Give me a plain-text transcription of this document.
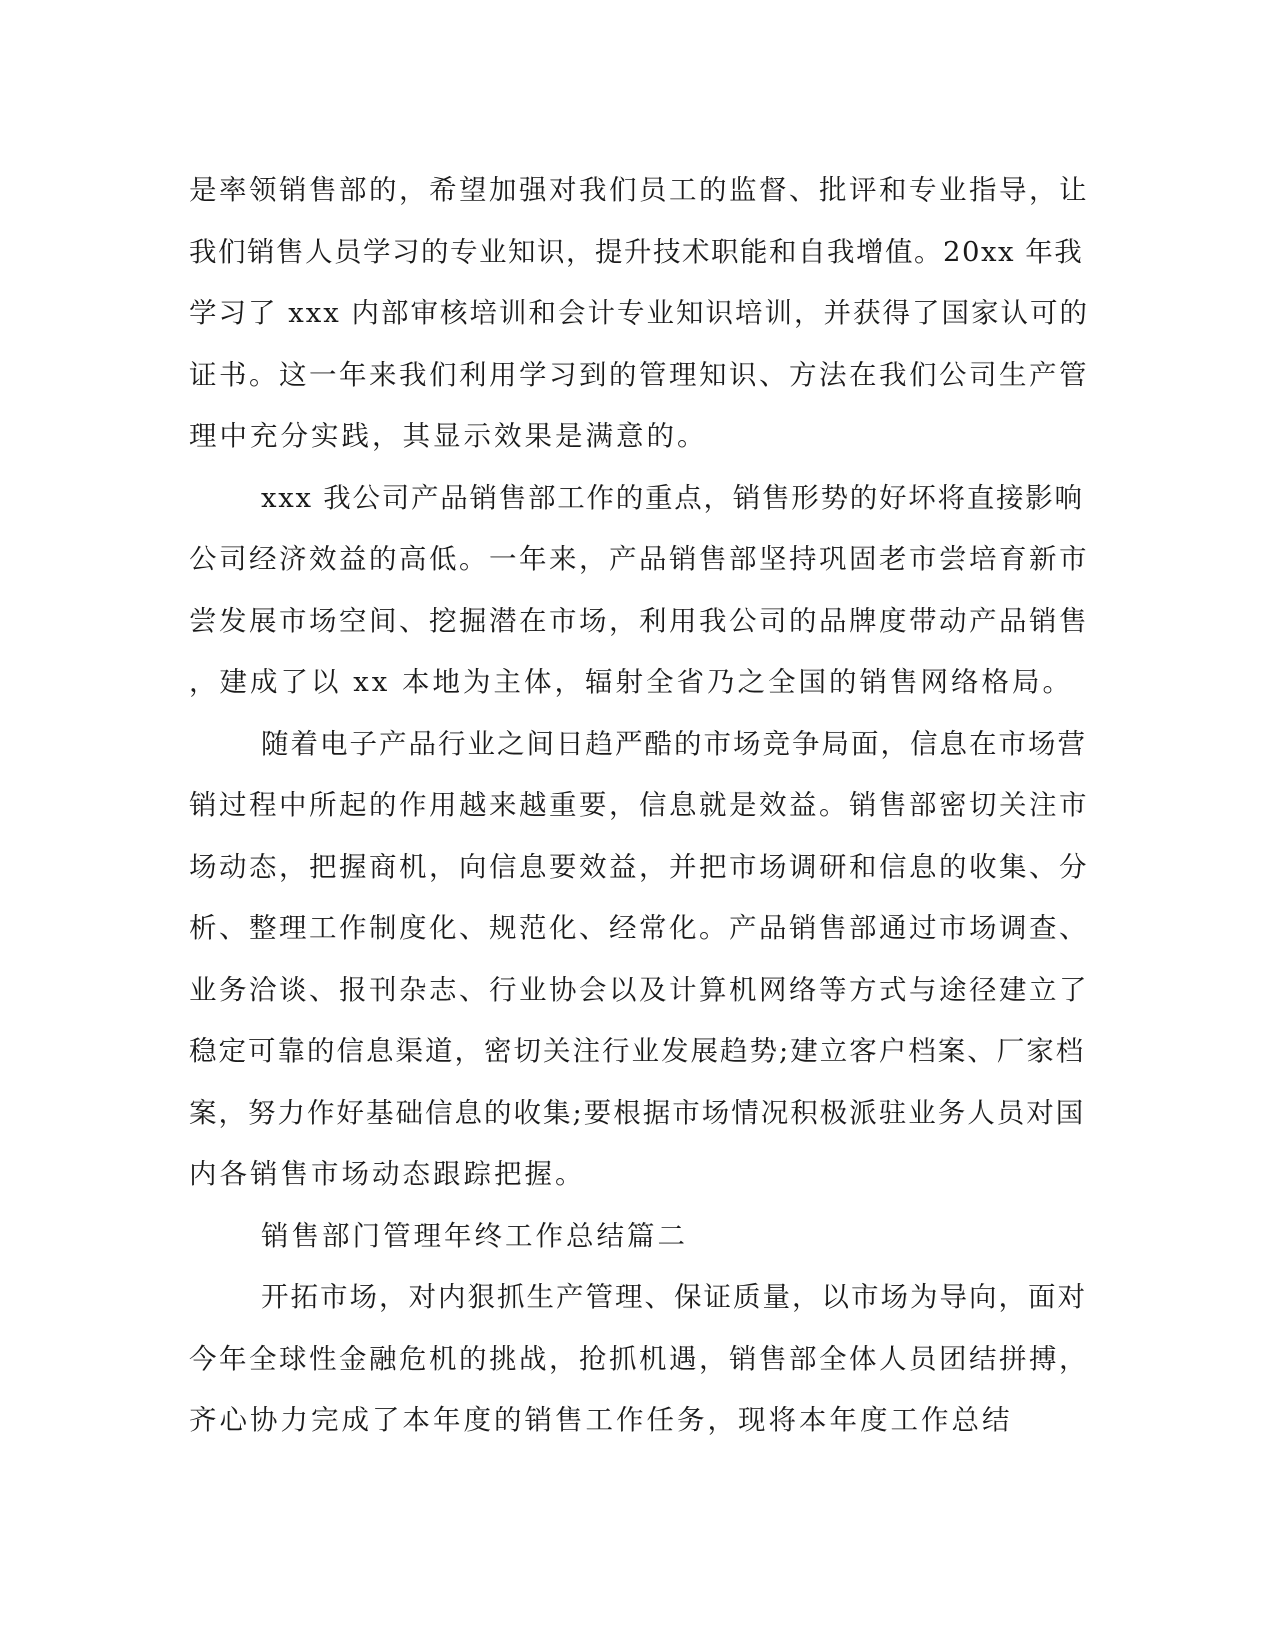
是率领销售部的，希望加强对我们员工的监督、批评和专业指导，让
我们销售人员学习的专业知识，提升技术职能和自我增值。20xx 年我
学习了 xxx 内部审核培训和会计专业知识培训，并获得了国家认可的
证书。这一年来我们利用学习到的管理知识、方法在我们公司生产管
理中充分实践，其显示效果是满意的。
xxx 我公司产品销售部工作的重点，销售形势的好坏将直接影响
公司经济效益的高低。一年来，产品销售部坚持巩固老市尝培育新市
尝发展市场空间、挖掘潜在市场，利用我公司的品牌度带动产品销售
，建成了以 xx 本地为主体，辐射全省乃之全国的销售网络格局。
随着电子产品行业之间日趋严酷的市场竞争局面，信息在市场营
销过程中所起的作用越来越重要，信息就是效益。销售部密切关注市
场动态，把握商机，向信息要效益，并把市场调研和信息的收集、分
析、整理工作制度化、规范化、经常化。产品销售部通过市场调查、
业务洽谈、报刊杂志、行业协会以及计算机网络等方式与途径建立了
稳定可靠的信息渠道，密切关注行业发展趋势;建立客户档案、厂家档
案，努力作好基础信息的收集;要根据市场情况积极派驻业务人员对国
内各销售市场动态跟踪把握。
销售部门管理年终工作总结篇二
开拓市场，对内狠抓生产管理、保证质量，以市场为导向，面对
今年全球性金融危机的挑战，抢抓机遇，销售部全体人员团结拼搏，
齐心协力完成了本年度的销售工作任务，现将本年度工作总结
